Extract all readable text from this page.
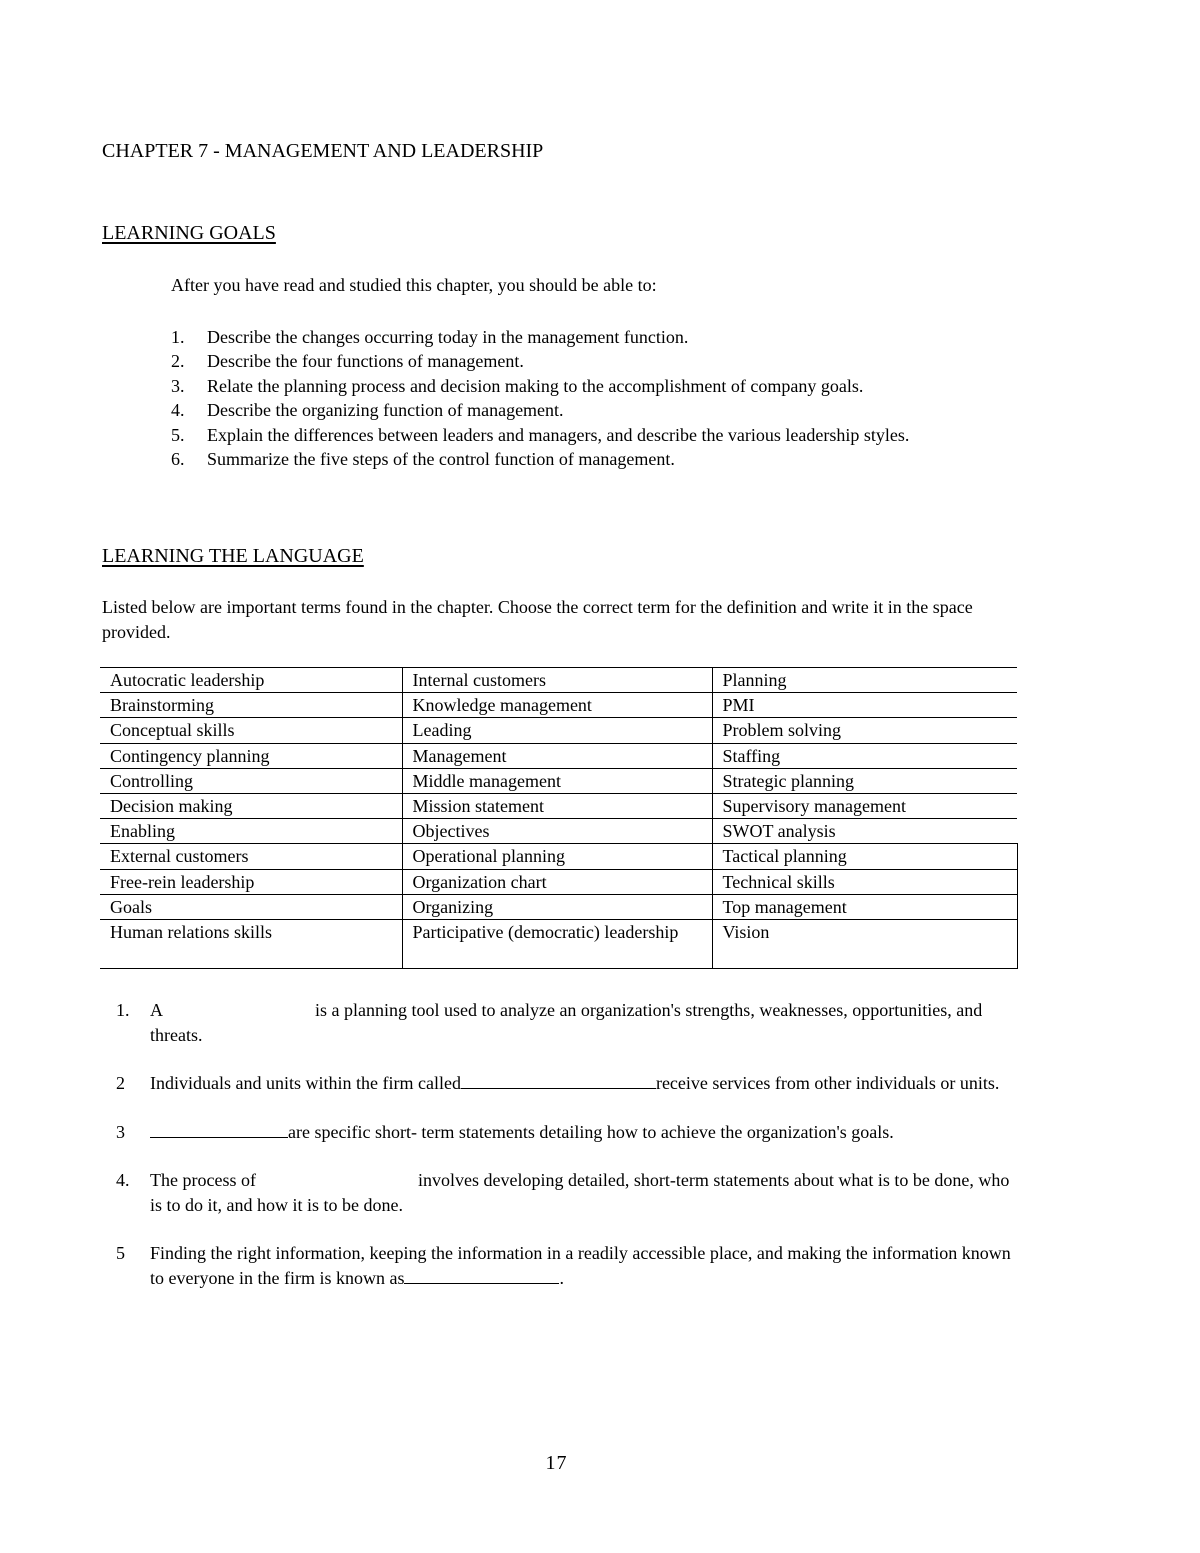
CHAPTER 7 - MANAGEMENT AND LEADERSHIP
LEARNING GOALS
After you have read and studied this chapter, you should be able to:
1. Describe the changes occurring today in the management function.
2. Describe the four functions of management.
3. Relate the planning process and decision making to the accomplishment of company goals.
4. Describe the organizing function of management.
5. Explain the differences between leaders and managers, and describe the various leadership styles.
6. Summarize the five steps of the control function of management.
LEARNING THE LANGUAGE
Listed below are important terms found in the chapter. Choose the correct term for the definition and write it in the space provided.
Autocratic leadership	Internal customers	Planning
Brainstorming	Knowledge management	PMI
Conceptual skills	Leading	Problem solving
Contingency planning	Management	Staffing
Controlling	Middle management	Strategic planning
Decision making	Mission statement	Supervisory management
Enabling	Objectives	SWOT analysis
External customers	Operational planning	Tactical planning
Free-rein leadership	Organization chart	Technical skills
Goals	Organizing	Top management
Human relations skills	Participative (democratic) leadership	Vision
1. A	is a planning tool used to analyze an organization's strengths, weaknesses, opportunities, and threats.
2 Individuals and units within the firm called	receive services from other individuals or units.
3	are specific short- term statements detailing how to achieve the organization's goals.
4. The process of	involves developing detailed, short-term statements about what is to be done, who is to do it, and how it is to be done.
5 Finding the right information, keeping the information in a readily accessible place, and making the information known to everyone in the firm is known as	.
17
